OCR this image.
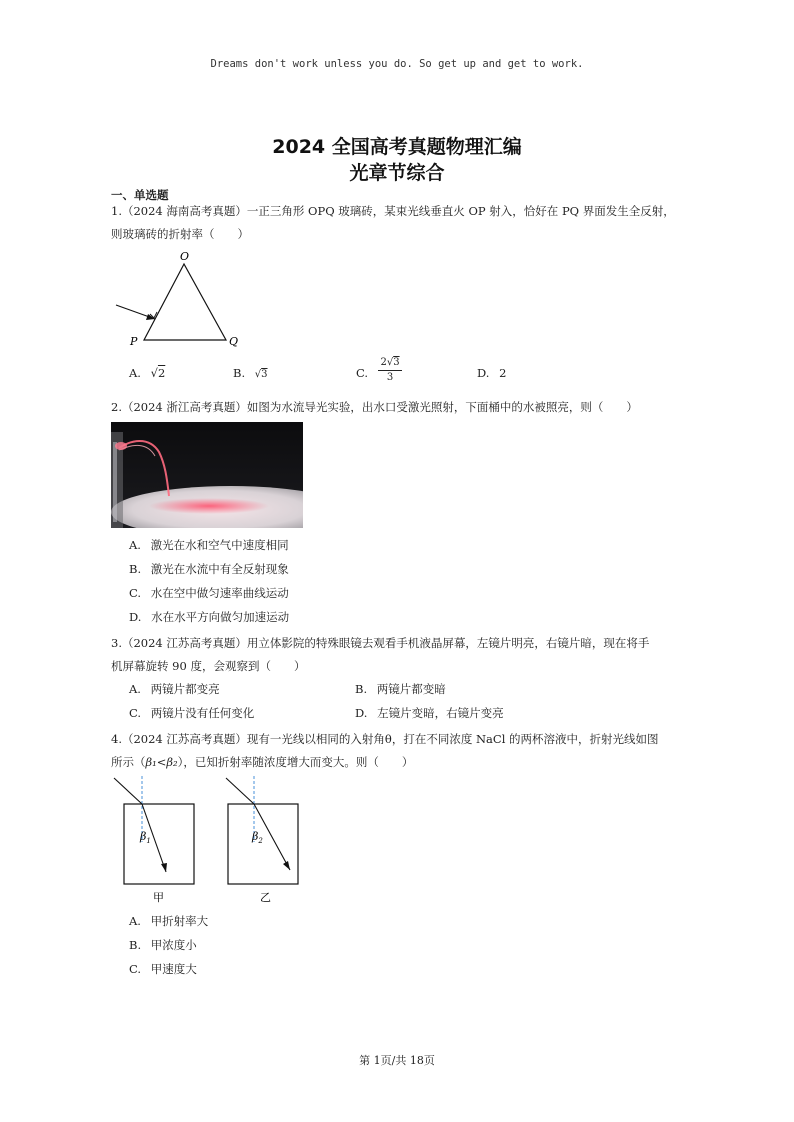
Dreams don't work unless you do. So get up and get to work.
2024 全国高考真题物理汇编
光章节综合
一、单选题
1.（2024 海南高考真题）一正三角形 OPQ 玻璃砖，某束光线垂直火 OP 射入，恰好在 PQ 界面发生全反射，
则玻璃砖的折射率（　　）
O
P	Q
A. √2	B. √3	C.
2√3
3	D. 2
2.（2024 浙江高考真题）如图为水流导光实验，出水口受激光照射，下面桶中的水被照亮，则（　　）
A. 激光在水和空气中速度相同
B. 激光在水流中有全反射现象
C. 水在空中做匀速率曲线运动
D. 水在水平方向做匀加速运动
3.（2024 江苏高考真题）用立体影院的特殊眼镜去观看手机液晶屏幕，左镜片明亮，右镜片暗，现在将手
机屏幕旋转 90 度，会观察到（　　）
A. 两镜片都变亮	B. 两镜片都变暗
C. 两镜片没有任何变化	D. 左镜片变暗，右镜片变亮
4.（2024 江苏高考真题）现有一光线以相同的入射角θ，打在不同浓度 NaCl 的两杯溶液中，折射光线如图
所示（β₁<β₂），已知折射率随浓度增大而变大。则（　　）
$\beta_1$
甲
$\beta_2$
乙
A. 甲折射率大
B. 甲浓度小
C. 甲速度大
第 1页/共 18页
